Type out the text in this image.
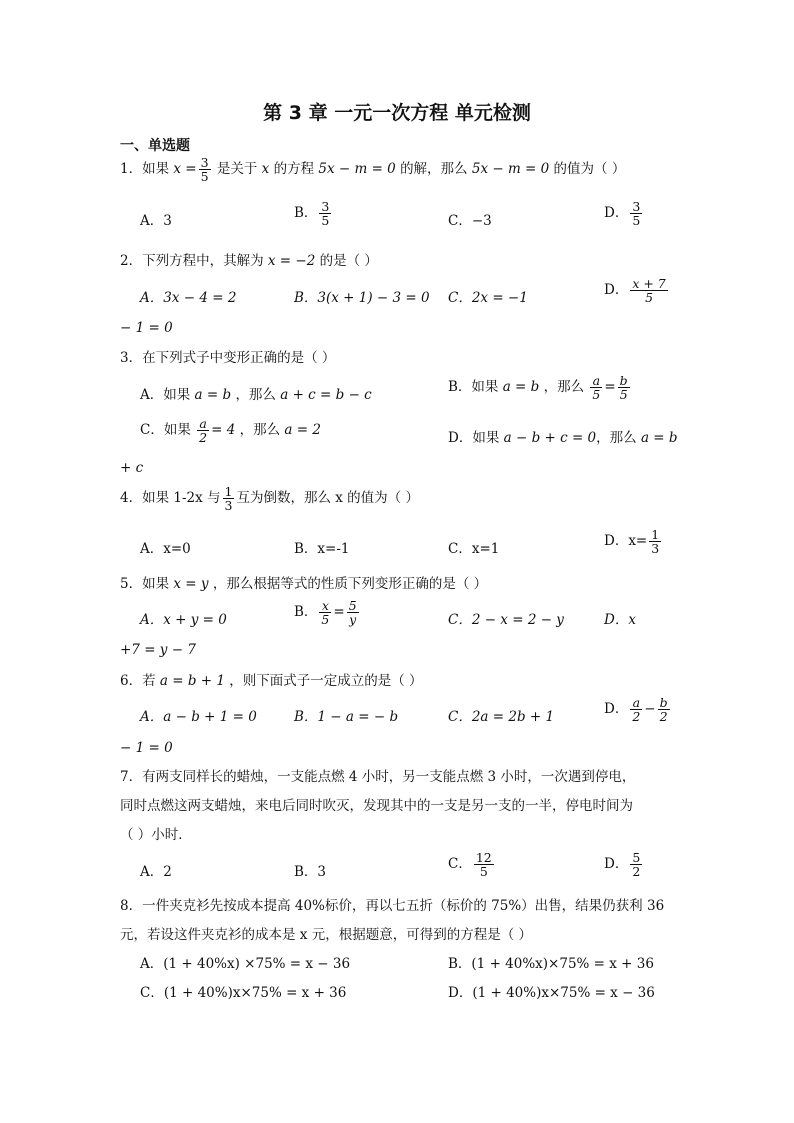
第 3 章 一元一次方程 单元检测
一、单选题
1．如果 $x = \frac{3}{5}$ 是关于 x 的方程 5x − m = 0 的解，那么 5x − m = 0 的值为（ ）
A．3	B． $\frac{3}{5}$	C．−3	D． $\frac{3}{5}$
2．下列方程中，其解为 x = −2 的是（ ）
A．3x − 4 = 2	B．3(x + 1) − 3 = 0 C．2x = −1	D． $\frac{x + 7}{5}$
− 1 = 0
3．在下列式子中变形正确的是（ ）
A．如果 a = b ，那么 a + c = b − c	B．如果 a = b ，那么 $\frac{a}{5} = \frac{b}{5}$
C．如果 $\frac{a}{2} = 4$ ，那么 a = 2	D．如果 a − b + c = 0，那么 a = b
+ c
4．如果 1-2x 与 $\frac{1}{3}$ 互为倒数，那么 x 的值为（ ）
A．x=0	B．x=-1	C．x=1	D．$x= \frac{1}{3}$
5．如果 x = y ，那么根据等式的性质下列变形正确的是（ ）
A．x + y = 0	B． $\frac{x}{5} = \frac{5}{y}$	C．2 − x = 2 − y	D．x
+7 = y − 7
6．若 a = b + 1 ，则下面式子一定成立的是（ ）
A．a − b + 1 = 0	B．1 − a = − b	C．2a = 2b + 1	D． $\frac{a}{2} - \frac{b}{2}$
− 1 = 0
7．有两支同样长的蜡烛，一支能点燃 4 小时，另一支能点燃 3 小时，一次遇到停电，
同时点燃这两支蜡烛，来电后同时吹灭，发现其中的一支是另一支的一半，停电时间为
（ ）小时．
A．2	B．3	C． $\frac{12}{5}$	D． $\frac{5}{2}$
8．一件夹克衫先按成本提高 40%标价，再以七五折（标价的 75%）出售，结果仍获利 36
元，若设这件夹克衫的成本是 x 元，根据题意，可得到的方程是（ ）
A．(1 + 40%x) ×75% = x − 36	B．(1 + 40%x)×75% = x + 36
C．(1 + 40%)x×75% = x + 36	D．(1 + 40%)x×75% = x − 36
